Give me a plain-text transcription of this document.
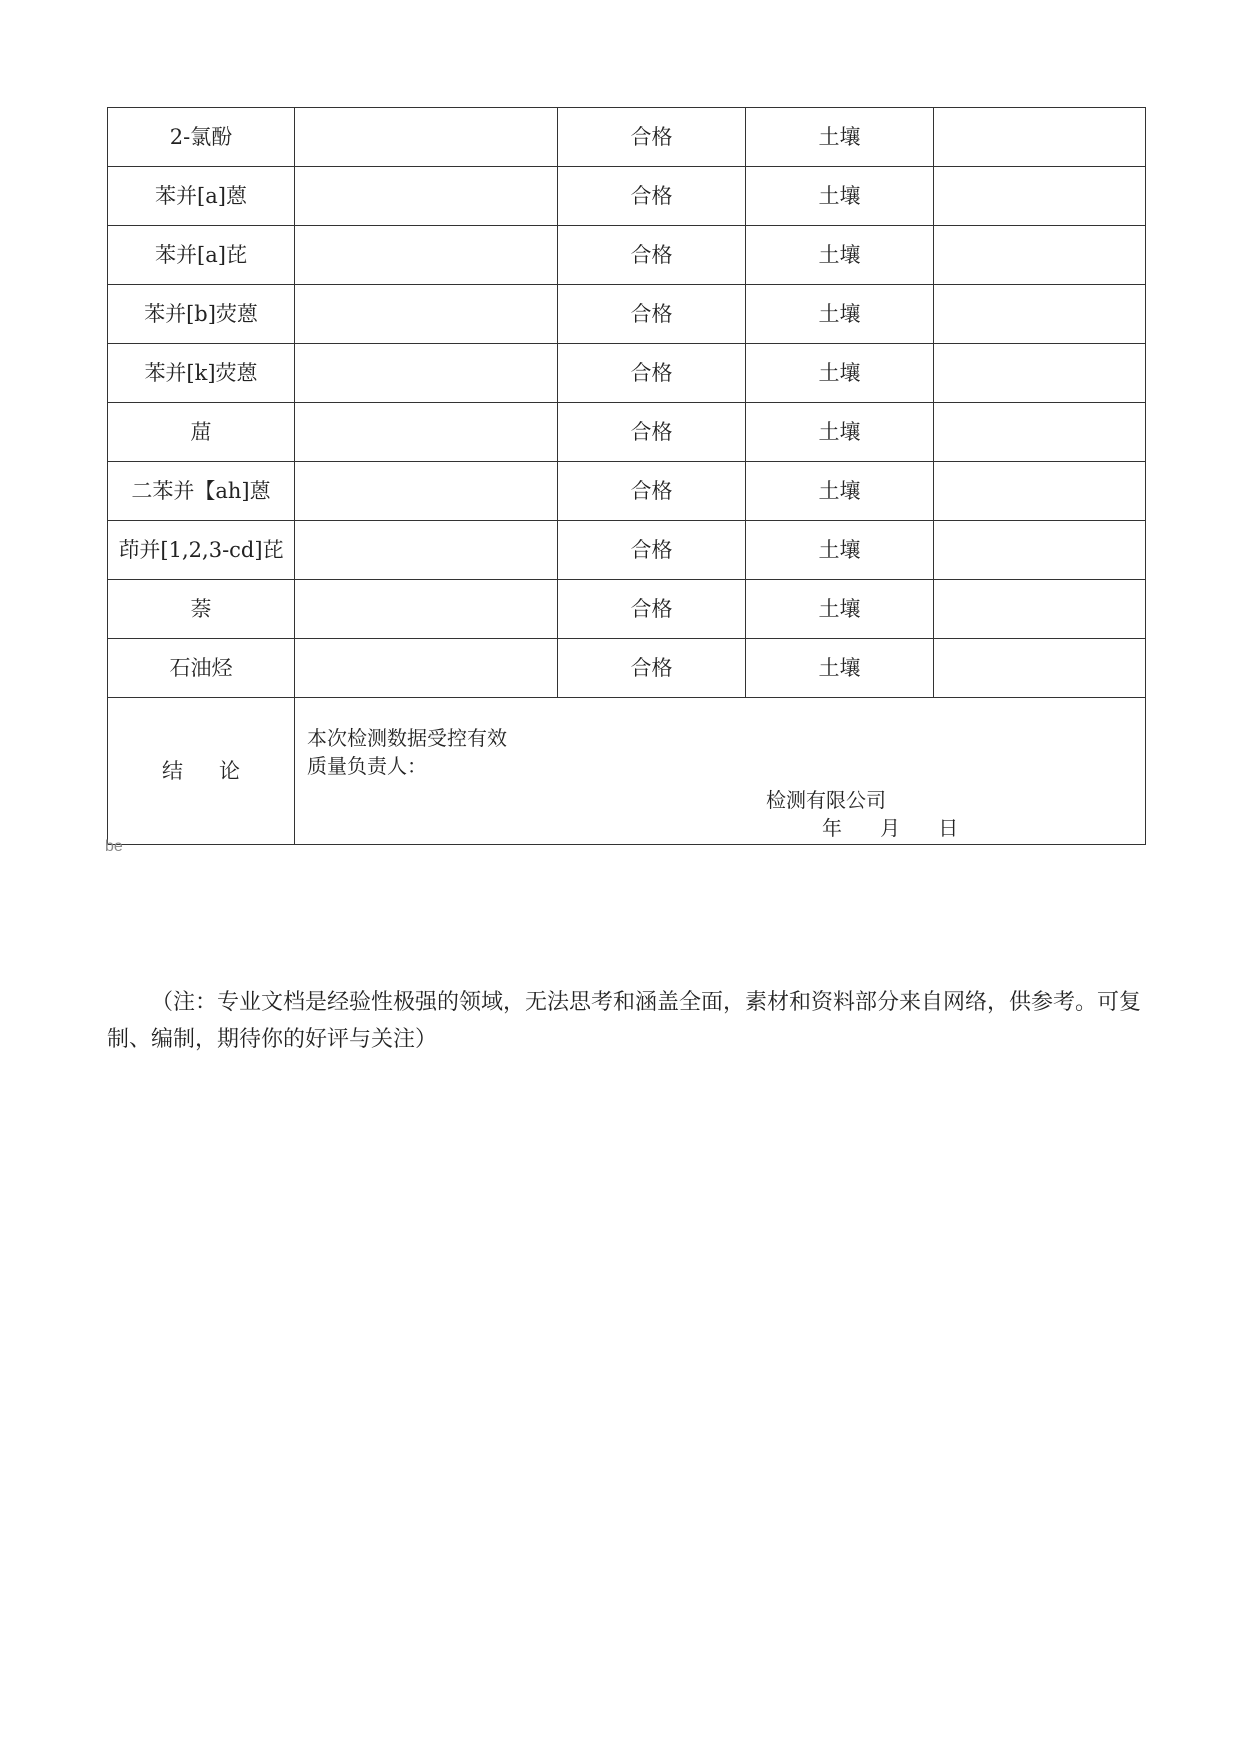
2-氯酚		合格	土壤	
苯并[a]蒽		合格	土壤	
苯并[a]芘		合格	土壤	
苯并[b]荧蒽		合格	土壤	
苯并[k]荧蒽		合格	土壤	
䓛		合格	土壤	
二苯并【ah]蒽		合格	土壤	
茚并[1,2,3-cd]芘		合格	土壤	
萘		合格	土壤	
石油烃		合格	土壤	
结 论	本次检测数据受控有效
质量负责人：
检测有限公司
年      月      日			
be

（注：专业文档是经验性极强的领域，无法思考和涵盖全面，素材和资料部分来自网络，供参考。可复制、编制，期待你的好评与关注）
